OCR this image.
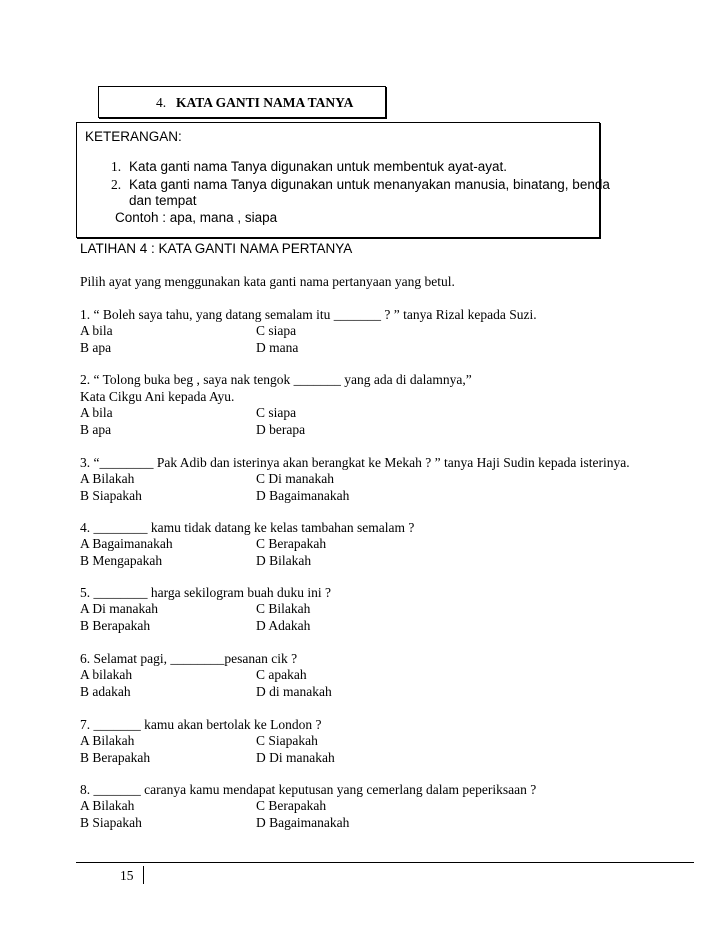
4. KATA GANTI NAMA TANYA
KETERANGAN:
1. Kata ganti nama Tanya digunakan untuk membentuk ayat-ayat.
2. Kata ganti nama Tanya digunakan untuk menanyakan manusia, binatang, benda
dan tempat
Contoh : apa, mana , siapa
LATIHAN 4 : KATA GANTI NAMA PERTANYA
Pilih ayat yang menggunakan kata ganti nama pertanyaan yang betul.
1. “ Boleh saya tahu, yang datang semalam itu _______ ? ” tanya Rizal kepada Suzi.
A bila	C siapa
B apa	D mana
2. “ Tolong buka beg , saya nak tengok _______ yang ada di dalamnya,”
Kata Cikgu Ani kepada Ayu.
A bila	C siapa
B apa	D berapa
3. “________ Pak Adib dan isterinya akan berangkat ke Mekah ? ” tanya Haji Sudin kepada isterinya.
A Bilakah	C Di manakah
B Siapakah	D Bagaimanakah
4. ________ kamu tidak datang ke kelas tambahan semalam ?
A Bagaimanakah	C Berapakah
B Mengapakah	D Bilakah
5. ________ harga sekilogram buah duku ini ?
A Di manakah	C Bilakah
B Berapakah	D Adakah
6. Selamat pagi, ________pesanan cik ?
A bilakah	C apakah
B adakah	D di manakah
7. _______ kamu akan bertolak ke London ?
A Bilakah	C Siapakah
B Berapakah	D Di manakah
8. _______ caranya kamu mendapat keputusan yang cemerlang dalam peperiksaan ?
A Bilakah	C Berapakah
B Siapakah	D Bagaimanakah
15
